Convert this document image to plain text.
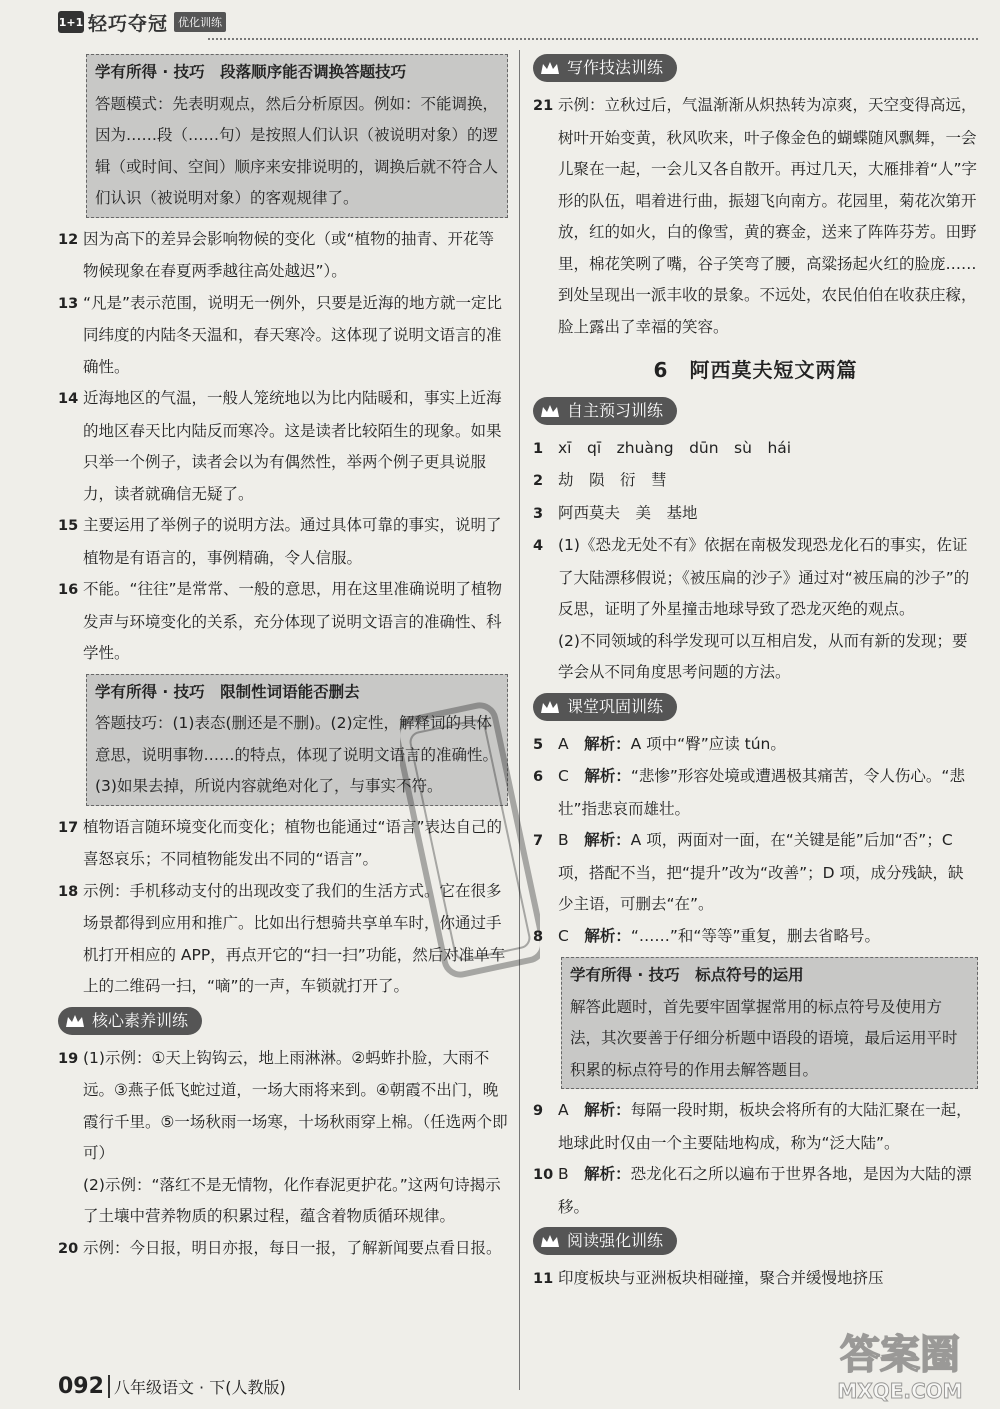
1+1 轻巧夺冠 优化训练

学有所得 · 技巧　段落顺序能否调换答题技巧

答题模式：先表明观点，然后分析原因。例如：不能调换，因为……段（……句）是按照人们认识（被说明对象）的逻辑（或时间、空间）顺序来安排说明的，调换后就不符合人们认识（被说明对象）的客观规律了。

12 因为高下的差异会影响物候的变化（或“植物的抽青、开花等物候现象在春夏两季越往高处越迟”）。

13 “凡是”表示范围，说明无一例外，只要是近海的地方就一定比同纬度的内陆冬天温和，春天寒冷。这体现了说明文语言的准确性。

14 近海地区的气温，一般人笼统地以为比内陆暖和，事实上近海的地区春天比内陆反而寒冷。这是读者比较陌生的现象。如果只举一个例子，读者会以为有偶然性，举两个例子更具说服力，读者就确信无疑了。

15 主要运用了举例子的说明方法。通过具体可靠的事实，说明了植物是有语言的，事例精确，令人信服。

16 不能。“往往”是常常、一般的意思，用在这里准确说明了植物发声与环境变化的关系，充分体现了说明文语言的准确性、科学性。

学有所得 · 技巧　限制性词语能否删去

答题技巧：(1)表态(删还是不删)。(2)定性，解释词的具体意思，说明事物……的特点，体现了说明文语言的准确性。(3)如果去掉，所说内容就绝对化了，与事实不符。

17 植物语言随环境变化而变化；植物也能通过“语言”表达自己的喜怒哀乐；不同植物能发出不同的“语言”。

18 示例：手机移动支付的出现改变了我们的生活方式。它在很多场景都得到应用和推广。比如出行想骑共享单车时，你通过手机打开相应的 APP，再点开它的“扫一扫”功能，然后对准单车上的二维码一扫，“嘀”的一声，车锁就打开了。

核心素养训练

19 (1)示例：①天上钩钩云，地上雨淋淋。②蚂蚱扑脸，大雨不远。③燕子低飞蛇过道，一场大雨将来到。④朝霞不出门，晚霞行千里。⑤一场秋雨一场寒，十场秋雨穿上棉。（任选两个即可）

(2)示例：“落红不是无情物，化作春泥更护花。”这两句诗揭示了土壤中营养物质的积累过程，蕴含着物质循环规律。

20 示例：今日报，明日亦报，每日一报，了解新闻要点看日报。

写作技法训练

21 示例：立秋过后，气温渐渐从炽热转为凉爽，天空变得高远，树叶开始变黄，秋风吹来，叶子像金色的蝴蝶随风飘舞，一会儿聚在一起，一会儿又各自散开。再过几天，大雁排着“人”字形的队伍，唱着进行曲，振翅飞向南方。花园里，菊花次第开放，红的如火，白的像雪，黄的赛金，送来了阵阵芬芳。田野里，棉花笑咧了嘴，谷子笑弯了腰，高粱扬起火红的脸庞……到处呈现出一派丰收的景象。不远处，农民伯伯在收获庄稼，脸上露出了幸福的笑容。

6　阿西莫夫短文两篇
自主预习训练

1 xī　qī　zhuàng　dūn　sù　hái

2 劫　陨　衍　彗

3 阿西莫夫　美　基地

4 (1)《恐龙无处不有》依据在南极发现恐龙化石的事实，佐证了大陆漂移假说；《被压扁的沙子》通过对“被压扁的沙子”的反思，证明了外星撞击地球导致了恐龙灭绝的观点。

(2)不同领域的科学发现可以互相启发，从而有新的发现；要学会从不同角度思考问题的方法。

课堂巩固训练

5 A　 解析：A 项中“臀”应读 tún。

6 C　 解析：“悲惨”形容处境或遭遇极其痛苦，令人伤心。“悲壮”指悲哀而雄壮。

7 B　 解析：A 项，两面对一面，在“关键是能”后加“否”；C 项，搭配不当，把“提升”改为“改善”；D 项，成分残缺，缺少主语，可删去“在”。

8 C　 解析：“……”和“等等”重复，删去省略号。

学有所得 · 技巧　标点符号的运用

解答此题时，首先要牢固掌握常用的标点符号及使用方法，其次要善于仔细分析题中语段的语境，最后运用平时积累的标点符号的作用去解答题目。

9 A　 解析：每隔一段时期，板块会将所有的大陆汇聚在一起，地球此时仅由一个主要陆地构成，称为“泛大陆”。

10 B　 解析：恐龙化石之所以遍布于世界各地，是因为大陆的漂移。

阅读强化训练

11 印度板块与亚洲板块相碰撞，聚合并缓慢地挤压

答案圈
MXQE.COM
092 八年级语文 · 下(人教版)
